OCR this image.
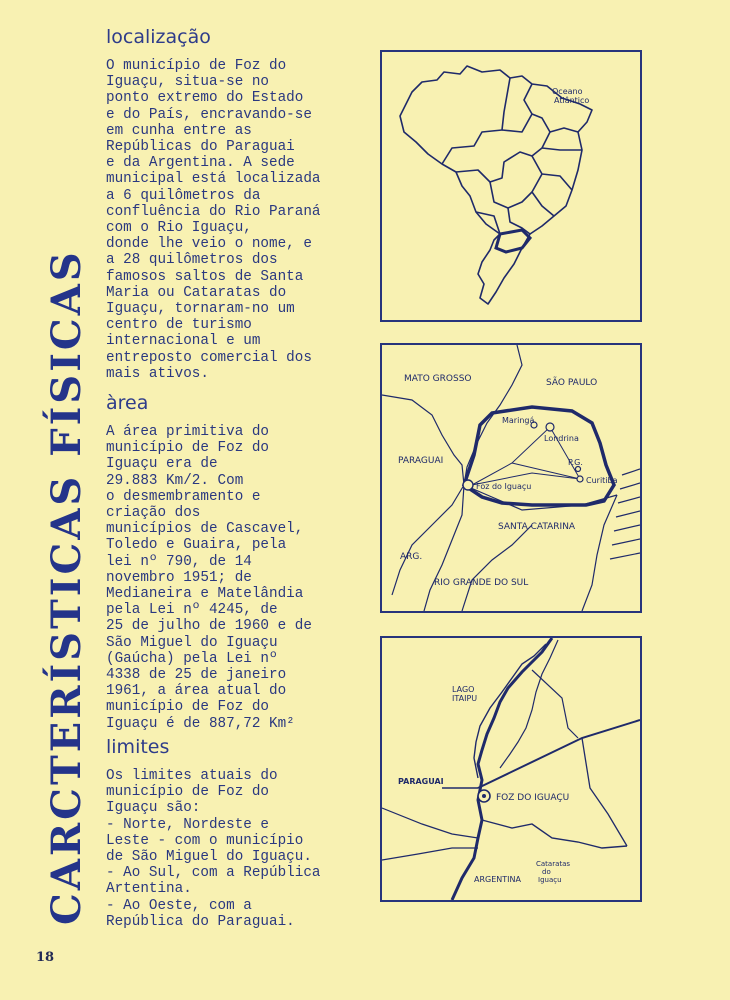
CARCTERÍSTICAS FÍSICAS
localização

O município de Foz do
Iguaçu, situa-se no
ponto extremo do Estado
e do País, encravando-se
em cunha entre as
Repúblicas do Paraguai
e da Argentina. A sede
municipal está localizada
a 6 quilômetros da
confluência do Rio Paraná
com o Rio Iguaçu,
donde lhe veio o nome, e
a 28 quilômetros dos
famosos saltos de Santa
Maria ou Cataratas do
Iguaçu, tornaram-no um
centro de turismo
internacional e um
entreposto comercial dos
mais ativos.

àrea

A área primitiva do
município de Foz do
Iguaçu era de
29.883 Km/2. Com
o desmembramento e
criação dos
municípios de Cascavel,
Toledo e Guaira, pela
lei nº 790, de 14
novembro 1951; de
Medianeira e Matelândia
pela Lei nº 4245, de
25 de julho de 1960 e de
São Miguel do Iguaçu
(Gaúcha) pela Lei nº
4338 de 25 de janeiro
1961, a área atual do
município de Foz do
Iguaçu é de 887,72 Km²

limites

Os limites atuais do
município de Foz do
Iguaçu são:
- Norte, Nordeste e
Leste - com o município
de São Miguel do Iguaçu.
- Ao Sul, com a República
Artentina.
- Ao Oeste, com a
República do Paraguai.

18
Oceano
Atlântico
MATO GROSSO	SÃO PAULO
PARAGUAI
Maringá
Londrina
P.G.
Curitiba
Foz do Iguaçu
SANTA CATARINA
ARG.
RIO GRANDE DO SUL
LAGO
ITAIPU
PARAGUAI
FOZ DO IGUAÇU
Cataratas
do
Iguaçu
ARGENTINA
